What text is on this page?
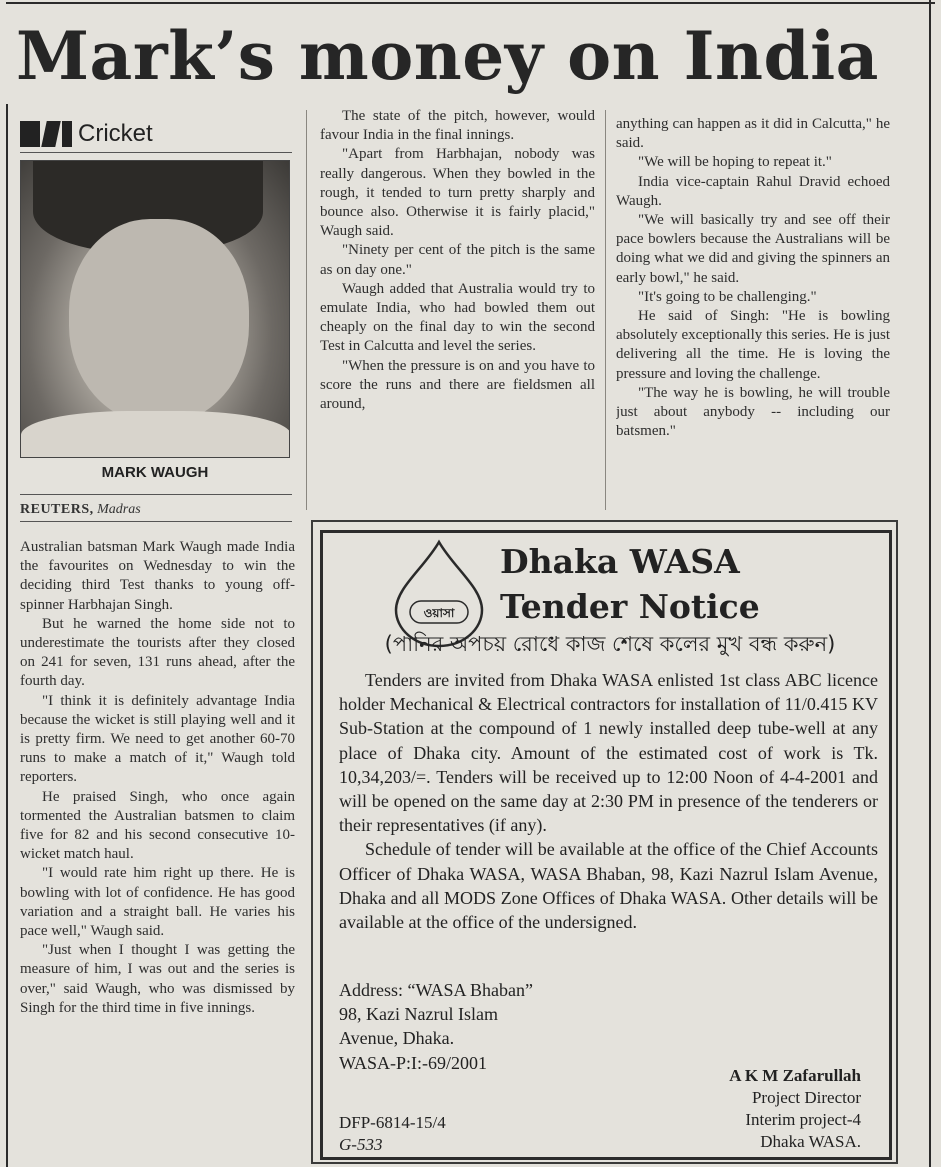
Mark’s money on India
Cricket
MARK WAUGH
REUTERS, Madras

Australian batsman Mark Waugh made India the favourites on Wednesday to win the deciding third Test thanks to young off-spinner Harbhajan Singh.

But he warned the home side not to underestimate the tourists after they closed on 241 for seven, 131 runs ahead, after the fourth day.

"I think it is definitely advantage India because the wicket is still playing well and it is pretty firm. We need to get another 60-70 runs to make a match of it," Waugh told reporters.

He praised Singh, who once again tormented the Australian batsmen to claim five for 82 and his second consecutive 10-wicket match haul.

"I would rate him right up there. He is bowling with lot of confidence. He has good variation and a straight ball. He varies his pace well," Waugh said.

"Just when I thought I was getting the measure of him, I was out and the series is over," said Waugh, who was dismissed by Singh for the third time in five innings.

The state of the pitch, however, would favour India in the final innings.

"Apart from Harbhajan, nobody was really dangerous. When they bowled in the rough, it tended to turn pretty sharply and bounce also. Otherwise it is fairly placid," Waugh said.

"Ninety per cent of the pitch is the same as on day one."

Waugh added that Australia would try to emulate India, who had bowled them out cheaply on the final day to win the second Test in Calcutta and level the series.

"When the pressure is on and you have to score the runs and there are fieldsmen all around,

anything can happen as it did in Calcutta," he said.

"We will be hoping to repeat it."

India vice-captain Rahul Dravid echoed Waugh.

"We will basically try and see off their pace bowlers because the Australians will be doing what we did and giving the spinners an early bowl," he said.

"It's going to be challenging."

He said of Singh: "He is bowling absolutely exceptionally this series. He is just delivering all the time. He is loving the pressure and loving the challenge.

"The way he is bowling, he will trouble just about anybody -- including our batsmen."

ওয়াসা
Dhaka WASA
Tender Notice
(পানির অপচয় রোধে কাজ শেষে কলের মুখ বন্ধ করুন)

Tenders are invited from Dhaka WASA enlisted 1st class ABC licence holder Mechanical & Electrical contractors for installation of 11/0.415 KV Sub-Station at the compound of 1 newly installed deep tube-well at any place of Dhaka city. Amount of the estimated cost of work is Tk. 10,34,203/=. Tenders will be received up to 12:00 Noon of 4-4-2001 and will be opened on the same day at 2:30 PM in presence of the tenderers or their representatives (if any).

Schedule of tender will be available at the office of the Chief Accounts Officer of Dhaka WASA, WASA Bhaban, 98, Kazi Nazrul Islam Avenue, Dhaka and all MODS Zone Offices of Dhaka WASA. Other details will be available at the office of the undersigned.

Address: “WASA Bhaban”
98, Kazi Nazrul Islam
Avenue, Dhaka.
WASA-P:I:-69/2001
DFP-6814-15/4
G-533
A K M Zafarullah
Project Director
Interim project-4
Dhaka WASA.
